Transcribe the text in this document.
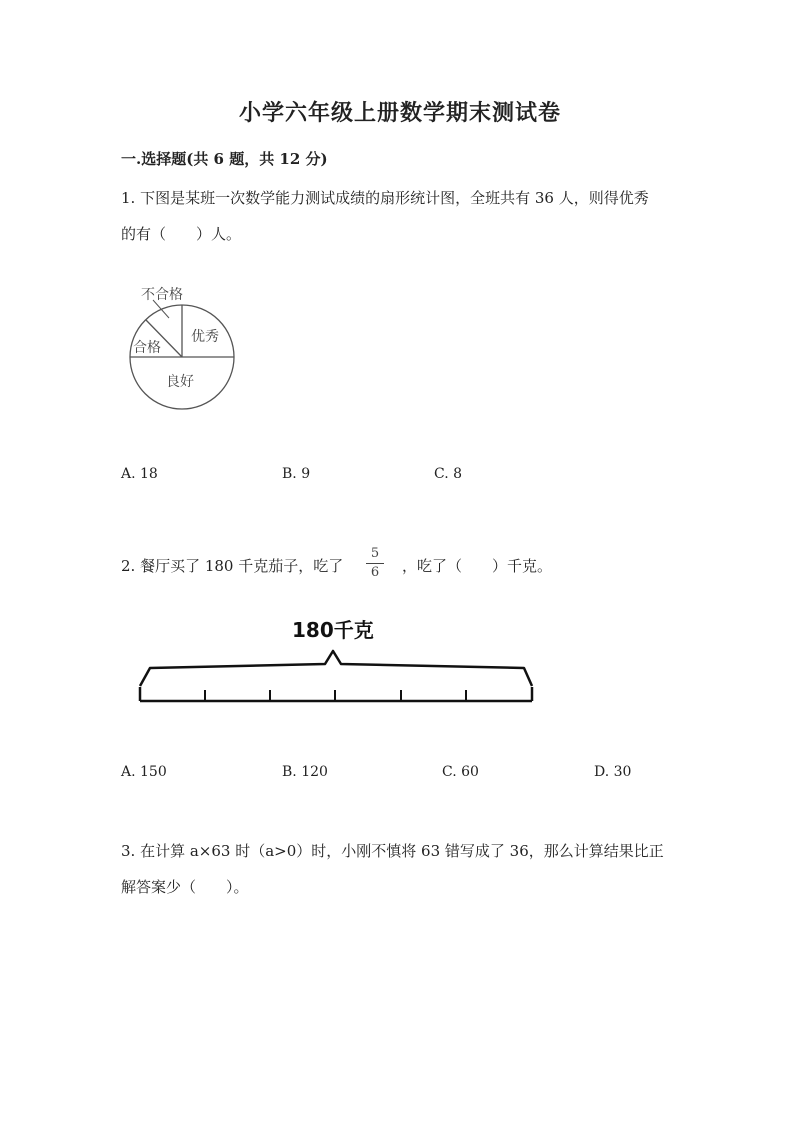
小学六年级上册数学期末测试卷
一.选择题(共 6 题，共 12 分)
1. 下图是某班一次数学能力测试成绩的扇形统计图，全班共有 36 人，则得优秀
的有（　　）人。
不合格
合格
优秀
良好
A. 18	B. 9	C. 8
2. 餐厅买了 180 千克茄子，吃了
5
6	，吃了（　　）千克。
180千克
A. 150	B. 120	C. 60	D. 30
3. 在计算 a×63 时（a>0）时，小刚不慎将 63 错写成了 36，那么计算结果比正
解答案少（　　）。
